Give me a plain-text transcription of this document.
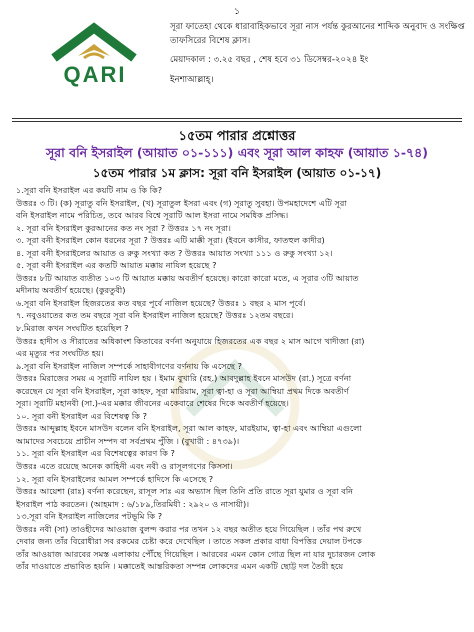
১
QARI

সূরা ফাতেহা থেকে ধারাবাহিকভাবে সূরা নাস পর্যন্ত কুরআনের শাব্দিক অনুবাদ ও সংক্ষিপ্ত তাফসিরের বিশেষ ক্লাস।

মেয়াদকাল : ৩.২৫ বছর , শেষ হবে ৩১ ডিসেম্বর-২০২৪ ইং

ইনশাআল্লাহ্‌।

১৫তম পারার প্রশ্নোত্তর
সূরা বনি ইসরাইল (আয়াত ০১-১১১) এবং সূরা আল কাহফ (আয়াত ১-৭৪)
১৫তম পারার ১ম ক্লাস: সূরা বনি ইসরাইল (আয়াত ০১-১৭)
১.সূরা বনি ইসরাইল এর কয়টি নাম ও কি কি?
উত্তরঃ ৩ টি। (ক) সূরাতু বনি ইসরাইল, (খ) সূরাতুল ইসরা এবং (গ) সূরাতু সুবহা। উপমহাদেশে এটি সূরা
বনি ইসরাইল নামে পরিচিত, তবে আরব বিশ্বে সূরাটি আল ইসরা নামে সমধিক প্রসিদ্ধ।
২. সূরা বনি ইসরাইল কুরআনের কত নং সূরা ? উত্তরঃ ১৭ নং সূরা।
৩. সূরা বনী ইসরাইল কোন ধরনের সূরা ? উত্তরঃ এটি মাক্কী সূরা। (ইবনে কাসীর, ফাতহুল কাদীর)
৪. সূরা বনী ইসরাইলের আয়াত ও রুকু সংখ্যা কত ? উত্তরঃ আয়াত সংখ্যা ১১১ ও রুকু সংখ্যা ১২।
৫. সূরা বনী ইসরাইল এর কতটি আয়াত মক্কায় নাযিল হয়েছে ?
উত্তরঃ ৮টি আয়াত ব্যতীত ১০৩ টি আয়াত মক্কায় অবতীর্ণ হয়েছে। কারো কারো মতে, এ সূরার ৩টি আয়াত
মদীনায় অবতীর্ণ হয়েছে। (কুরতুবী)
৬.সূরা বনি ইসরাইল হিজরতের কত বছর পূর্বে নাজিল হয়েছে? উত্তরঃ ১ বছর ২ মাস পূর্বে।
৭. নবুওয়াতের কত তম বছরে সূরা বনি ইসরাইল নাজিল হয়েছে? উত্তরঃ ১২তম বছরে।
৮.মিরাজ কখন সংঘটিত হয়েছিল ?
উত্তরঃ হাদীস ও সীরাতের অধিকাংশ কিতাবের বর্ণনা অনুযায়ে হিজরতের এক বছর ২ মাস আগে খাদীজা (রা)
এর মৃত্যুর পর সংঘটিত হয়।
৯.সূরা বনি ইসরাইল নাজিল সম্পর্কে সাহাবীগণের বর্ণনায় কি এসেছে ?
উত্তরঃ মিরাজের সময় এ সূরাটি নাযিল হয় । ইমাম বুখারি (রহ.) আবদুল্লাহ ইবনে মাসউদ (রা.) সূত্রে বর্ণনা
করেছেন যে সূরা বনি ইসরাইল, সূরা কাহফ, সূরা মারিয়াম, সূরা ত্বা-হা ও সূরা আম্বিয়া প্রথম দিকে অবতীর্ণ
সূরা। সূরাটি মহানবী (সা.)-এর মক্কার জীবনের একেবারে শেষের দিকে অবতীর্ণ হয়েছে।
১০. সূরা বনী ইসরাইল এর বিশেষত্ব কি ?
উত্তরঃ আব্দুল্লাহ ইবনে মাসউদ বলেন বনি ইসরাইল, সূরা আল কাহফ, মারইয়াম, ত্বা-হা এবং আম্বিয়া এগুলো
আমাদের সবচেয়ে প্রাচীন সম্পদ বা সর্বপ্রথম পুঁজি । (বুখারী : ৪৭৩৯)।
১১. সূরা বনি ইসরাইল এর বিশেষত্বের কারণ কি ?
উত্তরঃ এতে রয়েছে অনেক কাহিনী এবং নবী ও রাসূলগণের কিসসা।
১২. সূরা বনি ইসরাইলের আমল সম্পর্কে হাদিসে কি এসেছে ?
উত্তরঃ আয়েশা (রাঃ) বর্ণনা করেছেন, রাসূল সাঃ এর অভ্যাস ছিল তিনি প্রতি রাতে সূরা যুমার ও সূরা বনি
ইসরাইল পাঠ করতেন। (আহমাদ : ৬/১৮৯,তিরমিযী : ২৯২০ ও নাসায়ী)।
১৩.সূরা বনি ইসরাইল নাজিলের পটভূমি কি ?
উত্তরঃ নবী (সা) তাওহীদের আওয়াজ বুলন্দ করার পর তখন ১২ বছর অতীত হয়ে গিয়েছিল । তাঁর পথ রুখে
দেবার জন্য তাঁর বিরোধীরা সব রকমের চেষ্টা করে দেখেছিল । তাতে সকল প্রকার বাধা বিপত্তির দেয়াল টপকে
তাঁর আওয়াজ আরবের সমস্ত এলাকায় পৌঁছে গিয়েছিল । আরবের এমন কোন গোত্র ছিল না যার দুচারজন লোক
তাঁর দাওয়াতে প্রভাবিত হয়নি । মক্কাতেই আন্তরিকতা সম্পন্ন লোকদের এমন একটি ছোট্ট দল তৈরী হয়ে
